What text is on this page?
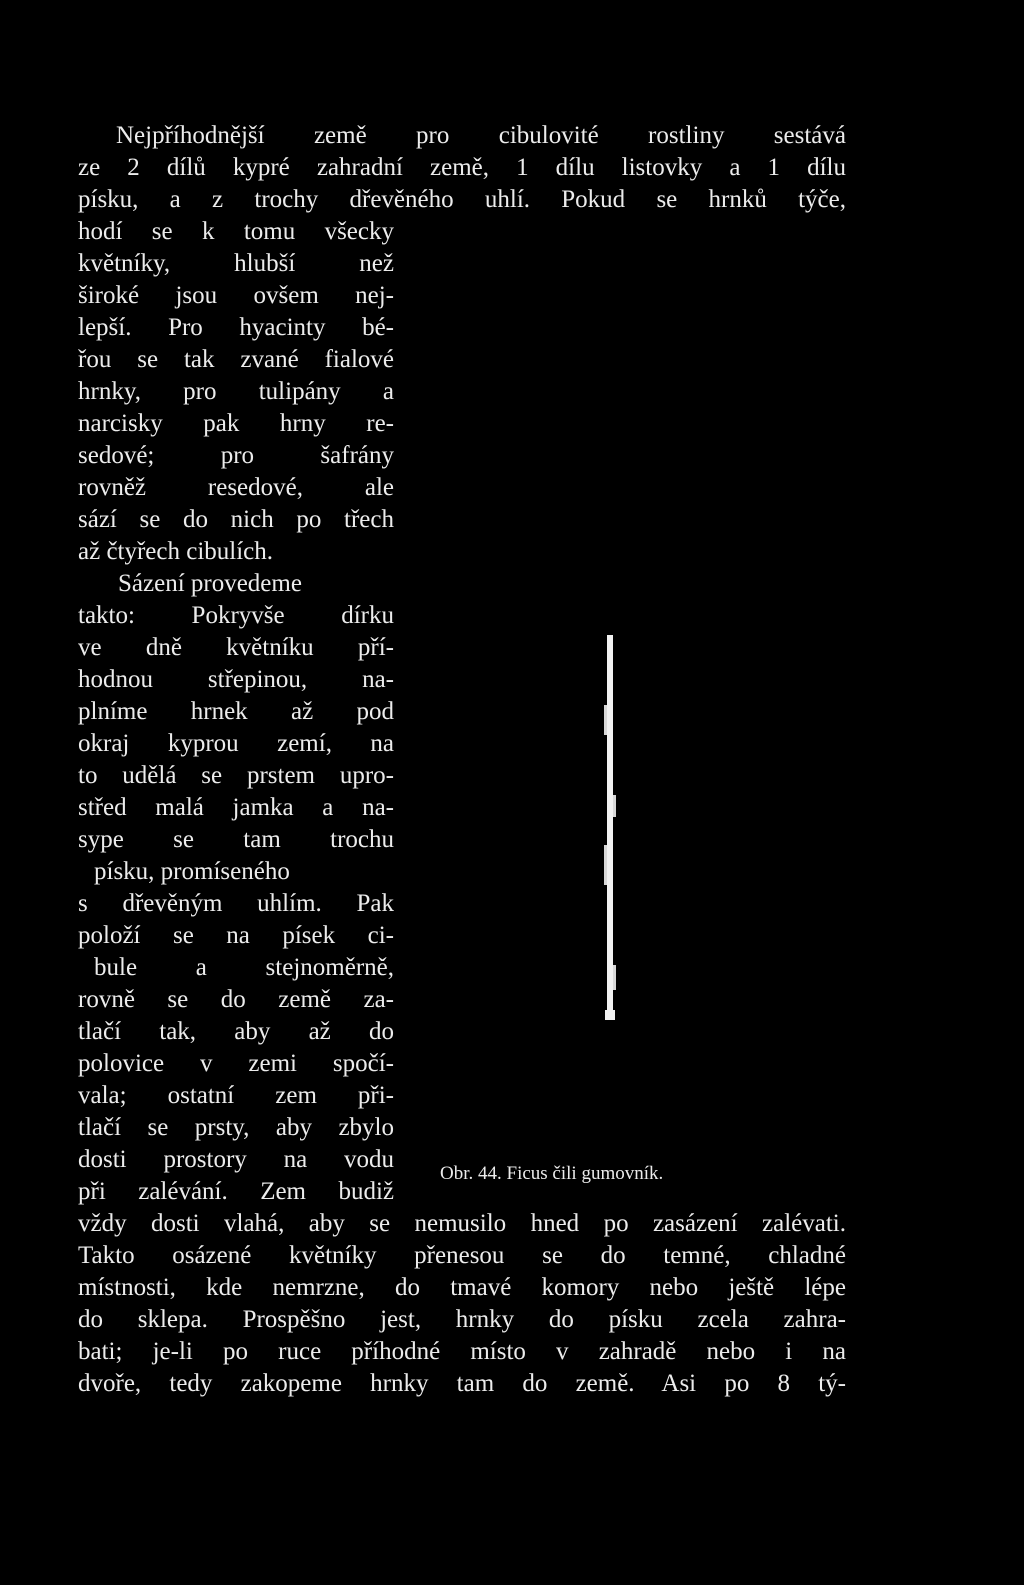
Nejpříhodnější země pro cibulovité rostliny sestává
ze 2 dílů kypré zahradní země, 1 dílu listovky a 1 dílu
písku, a z trochy dřevěného uhlí. Pokud se hrnků týče,
hodí se k tomu všecky
květníky, hlubší než
široké jsou ovšem nej-
lepší. Pro hyacinty bé-
řou se tak zvané fialové
hrnky, pro tulipány a
narcisky pak hrny re-
sedové; pro šafrány
rovněž resedové, ale
sází se do nich po třech
až čtyřech cibulích.
Sázení provedeme
takto: Pokryvše dírku
ve dně květníku pří-
hodnou střepinou, na-
plníme hrnek až pod
okraj kyprou zemí, na
to udělá se prstem upro-
střed malá jamka a na-
sype se tam trochu
písku, promíseného
s dřevěným uhlím. Pak
položí se na písek ci-
bule a stejnoměrně,
rovně se do země za-
tlačí tak, aby až do
polovice v zemi spočí-
vala; ostatní zem při-
tlačí se prsty, aby zbylo
dosti prostory na vodu
při zalévání. Zem budiž
Obr. 44. Ficus čili gumovník.
vždy dosti vlahá, aby se nemusilo hned po zasázení zalévati.
Takto osázené květníky přenesou se do temné, chladné
místnosti, kde nemrzne, do tmavé komory nebo ještě lépe
do sklepa. Prospěšno jest, hrnky do písku zcela zahra-
bati; je-li po ruce příhodné místo v zahradě nebo i na
dvoře, tedy zakopeme hrnky tam do země. Asi po 8 tý-
